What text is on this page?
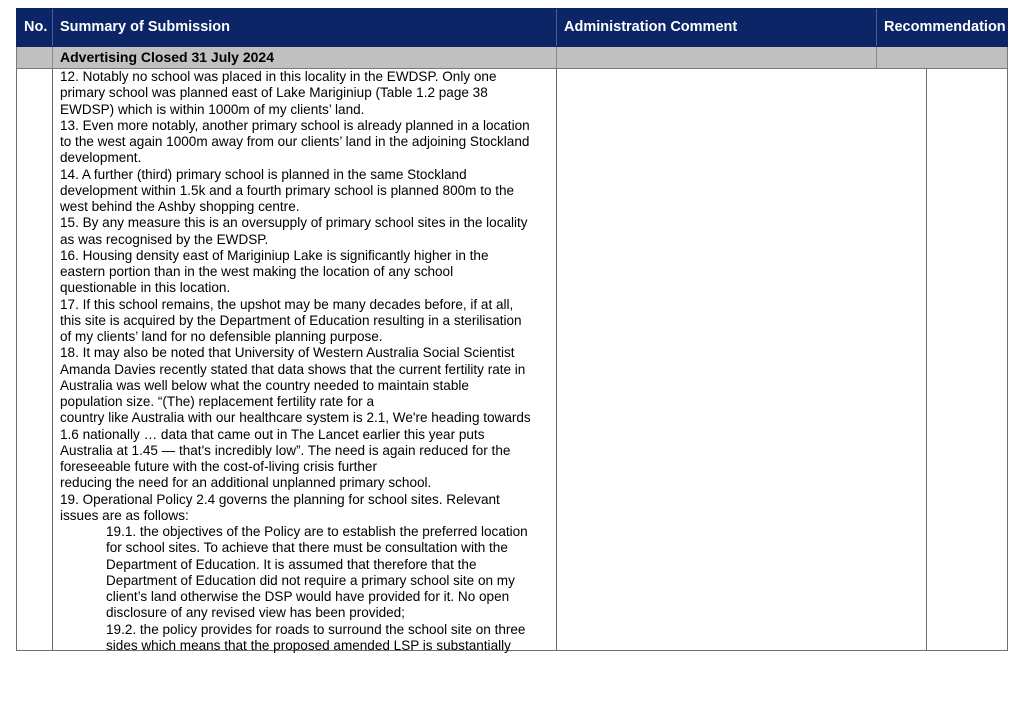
No. Summary of Submission	Administration Comment	Recommendation
Advertising Closed 31 July 2024

12. Notably no school was placed in this locality in the EWDSP. Only one

primary school was planned east of Lake Mariginiup (Table 1.2 page 38

EWDSP) which is within 1000m of my clients’ land.

13. Even more notably, another primary school is already planned in a location

to the west again 1000m away from our clients’ land in the adjoining Stockland

development.

14. A further (third) primary school is planned in the same Stockland

development within 1.5k and a fourth primary school is planned 800m to the

west behind the Ashby shopping centre.

15. By any measure this is an oversupply of primary school sites in the locality

as was recognised by the EWDSP.

16. Housing density east of Mariginiup Lake is significantly higher in the

eastern portion than in the west making the location of any school

questionable in this location.

17. If this school remains, the upshot may be many decades before, if at all,

this site is acquired by the Department of Education resulting in a sterilisation

of my clients’ land for no defensible planning purpose.

18. It may also be noted that University of Western Australia Social Scientist

Amanda Davies recently stated that data shows that the current fertility rate in

Australia was well below what the country needed to maintain stable

population size. “(The) replacement fertility rate for a

country like Australia with our healthcare system is 2.1, We're heading towards

1.6 nationally … data that came out in The Lancet earlier this year puts

Australia at 1.45 — that's incredibly low”. The need is again reduced for the

foreseeable future with the cost-of-living crisis further

reducing the need for an additional unplanned primary school.

19. Operational Policy 2.4 governs the planning for school sites. Relevant

issues are as follows:

19.1. the objectives of the Policy are to establish the preferred location

for school sites. To achieve that there must be consultation with the

Department of Education. It is assumed that therefore that the

Department of Education did not require a primary school site on my

client’s land otherwise the DSP would have provided for it. No open

disclosure of any revised view has been provided;

19.2. the policy provides for roads to surround the school site on three

sides which means that the proposed amended LSP is substantially
